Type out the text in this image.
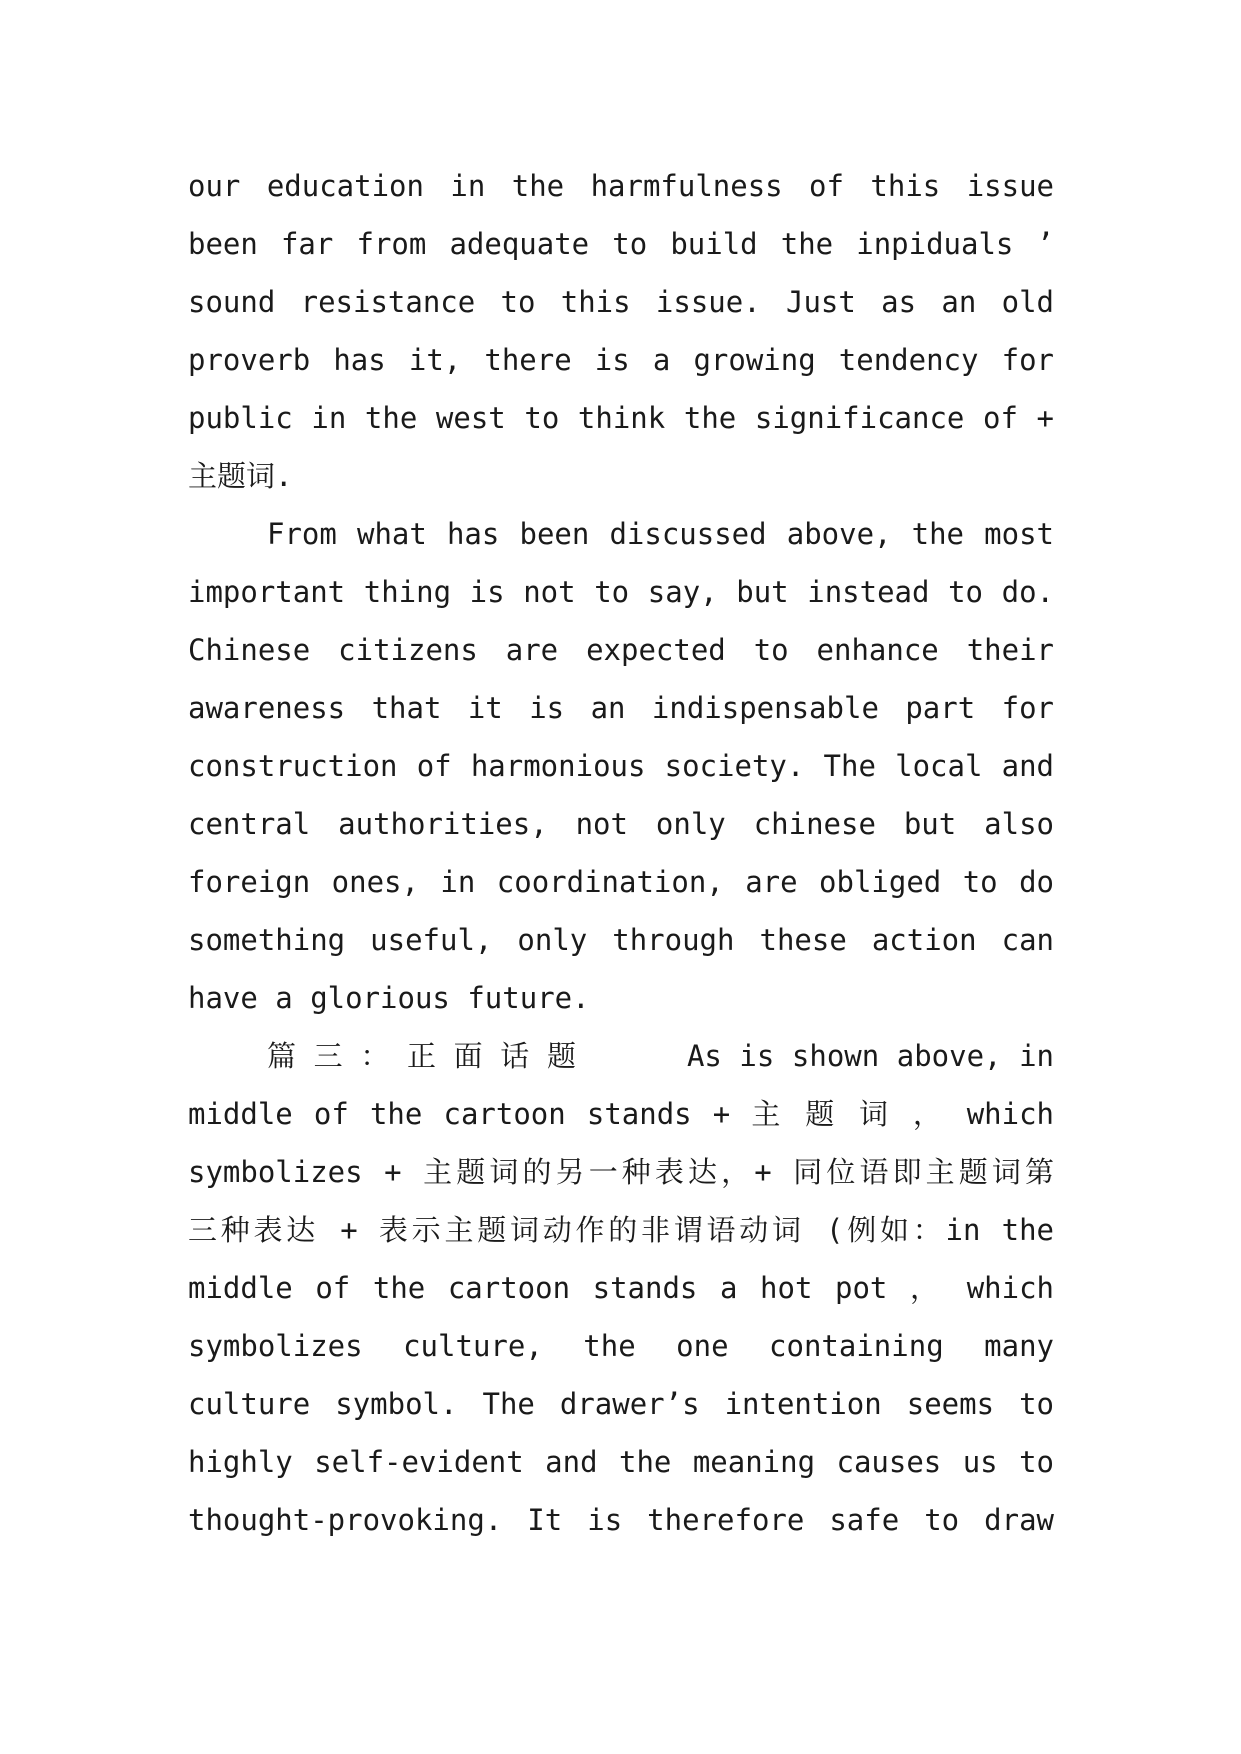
our education in the harmfulness of this issue
been far from adequate to build the inpiduals ’
sound resistance to this issue. Just as an old
proverb has it, there is a growing tendency for
public in the west to think the significance of +
主题词.
From what has been discussed above, the most
important thing is not to say, but instead to do.
Chinese citizens are expected to enhance their
awareness that it is an indispensable part for
construction of harmonious society. The local and
central authorities, not only chinese but also
foreign ones, in coordination, are obliged to do
something useful, only through these action can
have a glorious future.
篇 三 ： 正 面 话 题 　 　 As is shown above, in
middle of the cartoon stands + 主 题 词 ， which
symbolizes + 主题词的另一种表达，+ 同位语即主题词第
三种表达 + 表示主题词动作的非谓语动词 (例如：in the
middle of the cartoon stands a hot pot ， which
symbolizes culture, the one containing many
culture symbol. The drawer’s intention seems to
highly self-evident and the meaning causes us to
thought-provoking. It is therefore safe to draw
